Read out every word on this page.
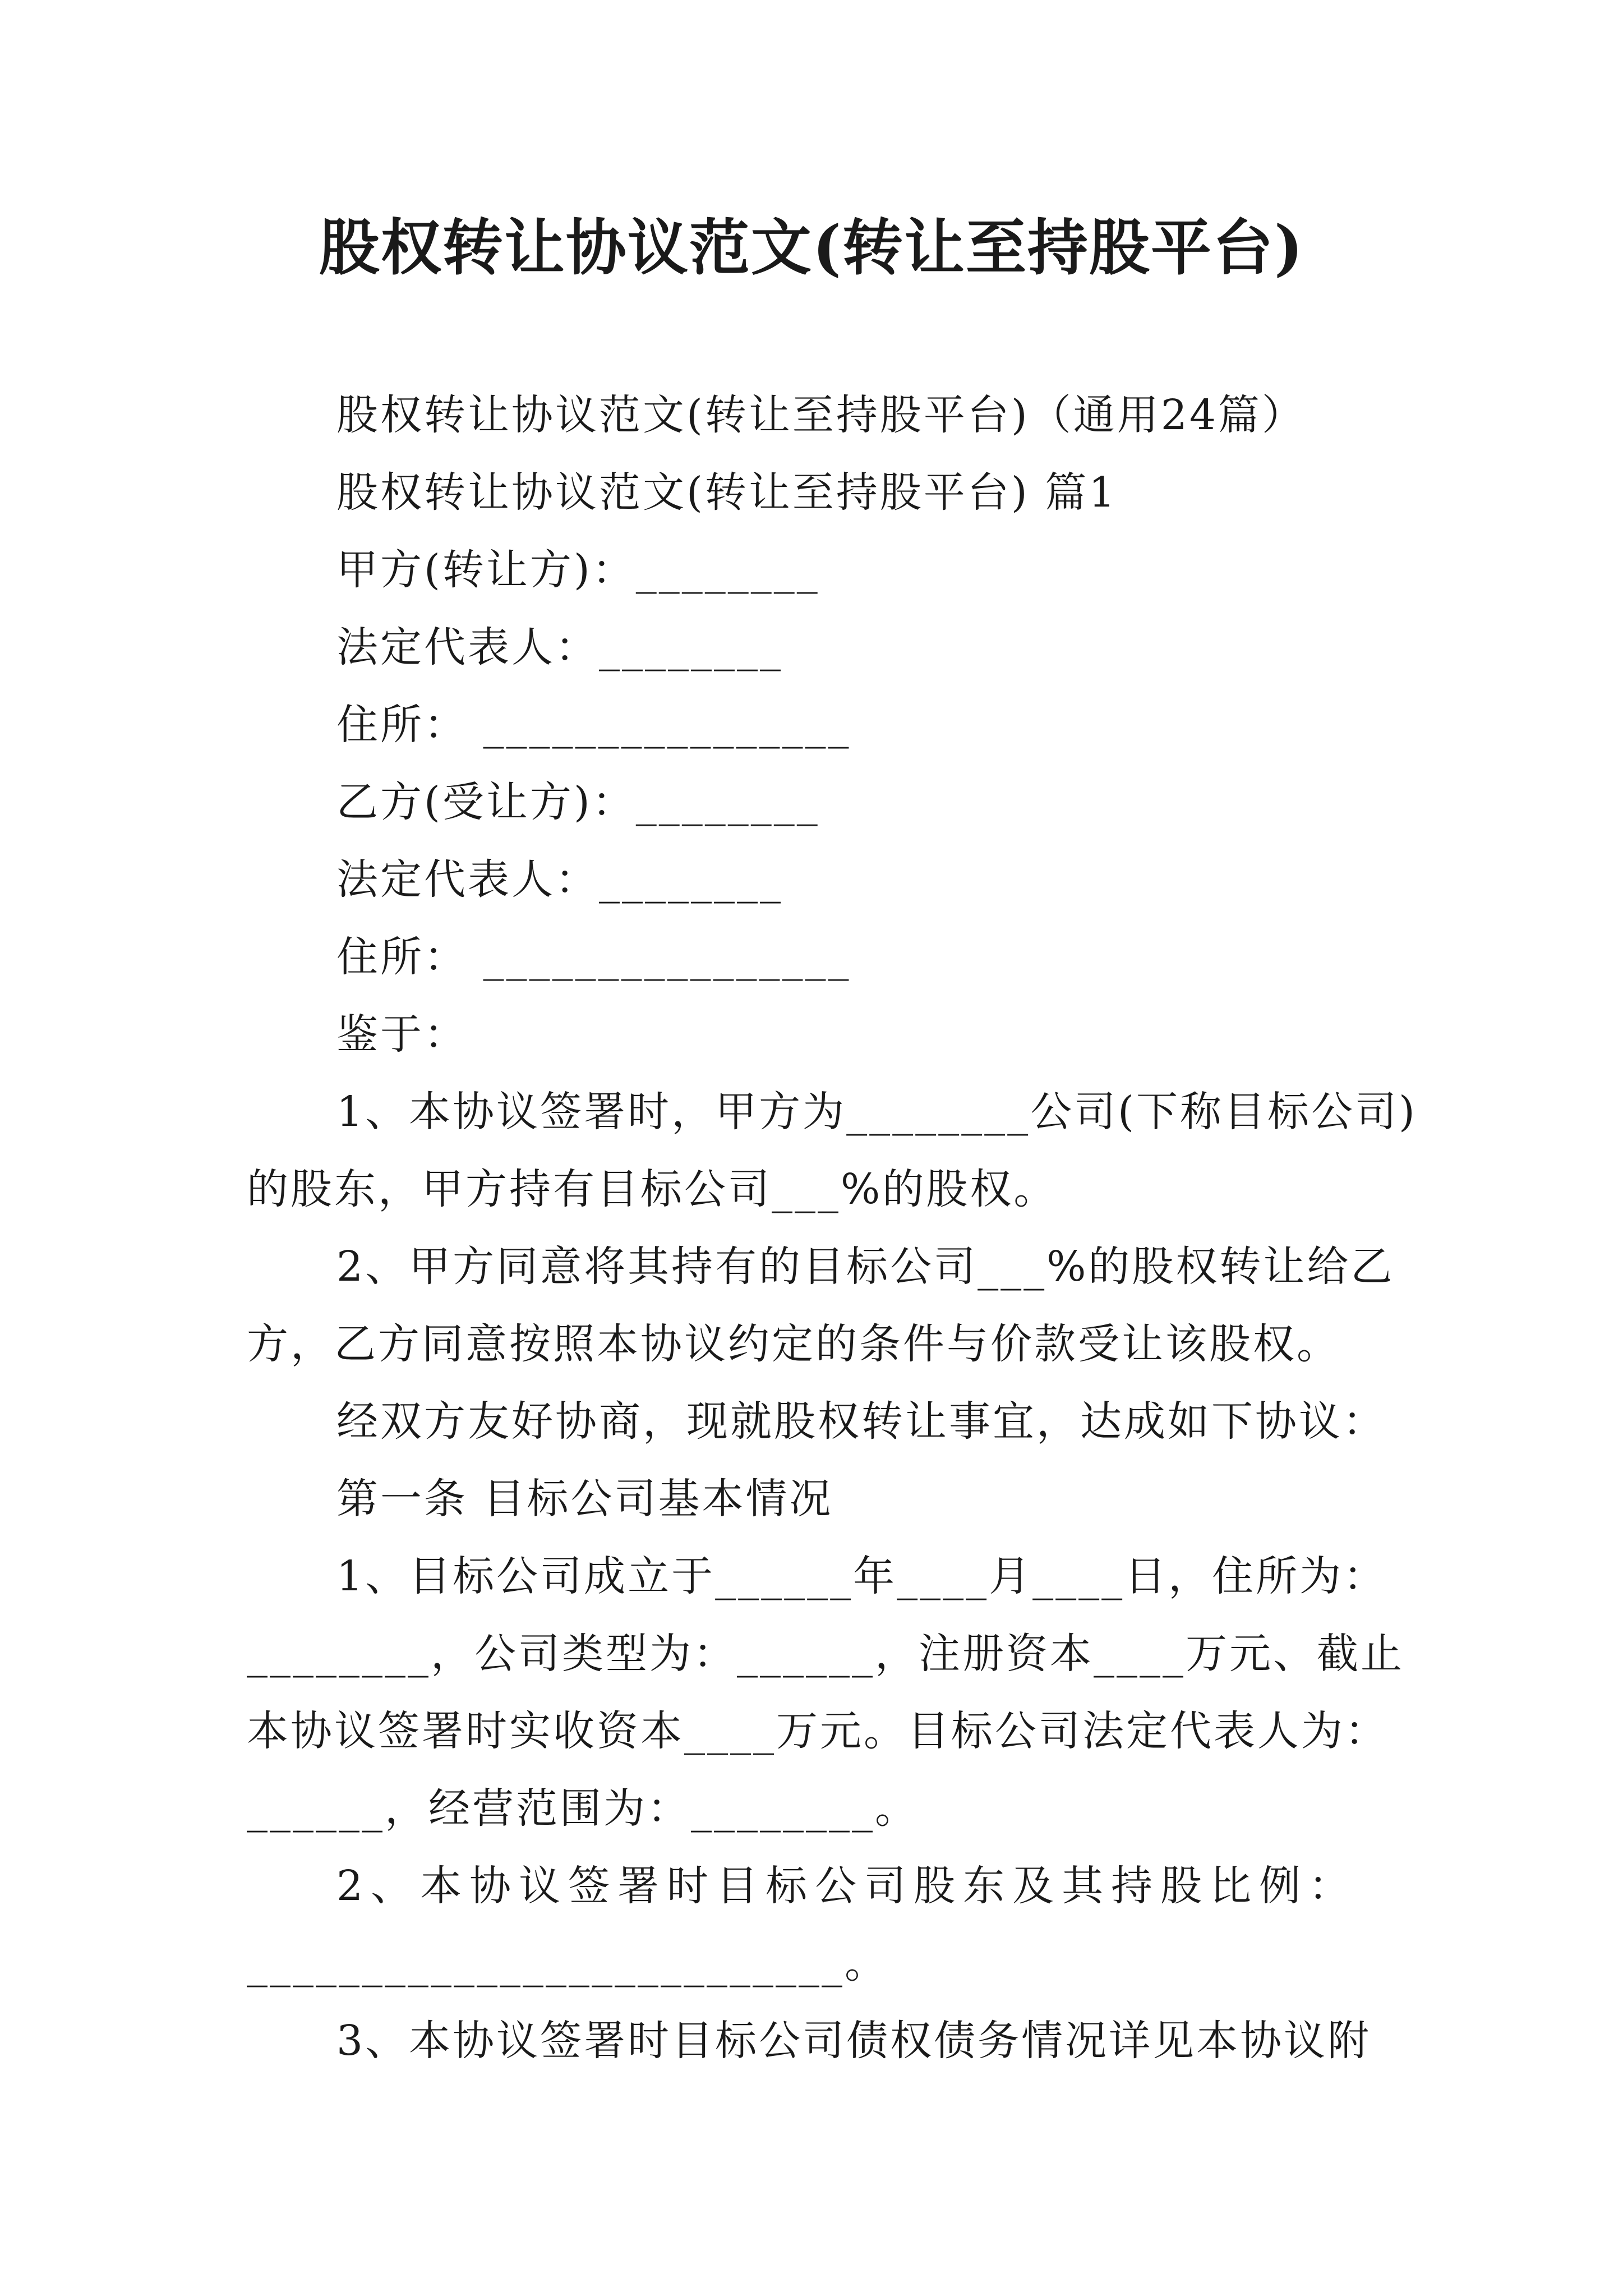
股权转让协议范文(转让至持股平台)
股权转让协议范文(转让至持股平台)（通用24篇）
股权转让协议范文(转让至持股平台) 篇1
甲方(转让方)：________
法定代表人：________
住所： ________________
乙方(受让方)：________
法定代表人：________
住所： ________________
鉴于：
1、本协议签署时，甲方为________公司(下称目标公司)
的股东，甲方持有目标公司___%的股权。
2、甲方同意将其持有的目标公司___%的股权转让给乙
方，乙方同意按照本协议约定的条件与价款受让该股权。
经双方友好协商，现就股权转让事宜，达成如下协议：
第一条 目标公司基本情况
1、目标公司成立于______年____月____日，住所为：
________，公司类型为：______，注册资本____万元、截止
本协议签署时实收资本____万元。目标公司法定代表人为：
______，经营范围为：________。
2、本协议签署时目标公司股东及其持股比例：
__________________________。
3、本协议签署时目标公司债权债务情况详见本协议附
